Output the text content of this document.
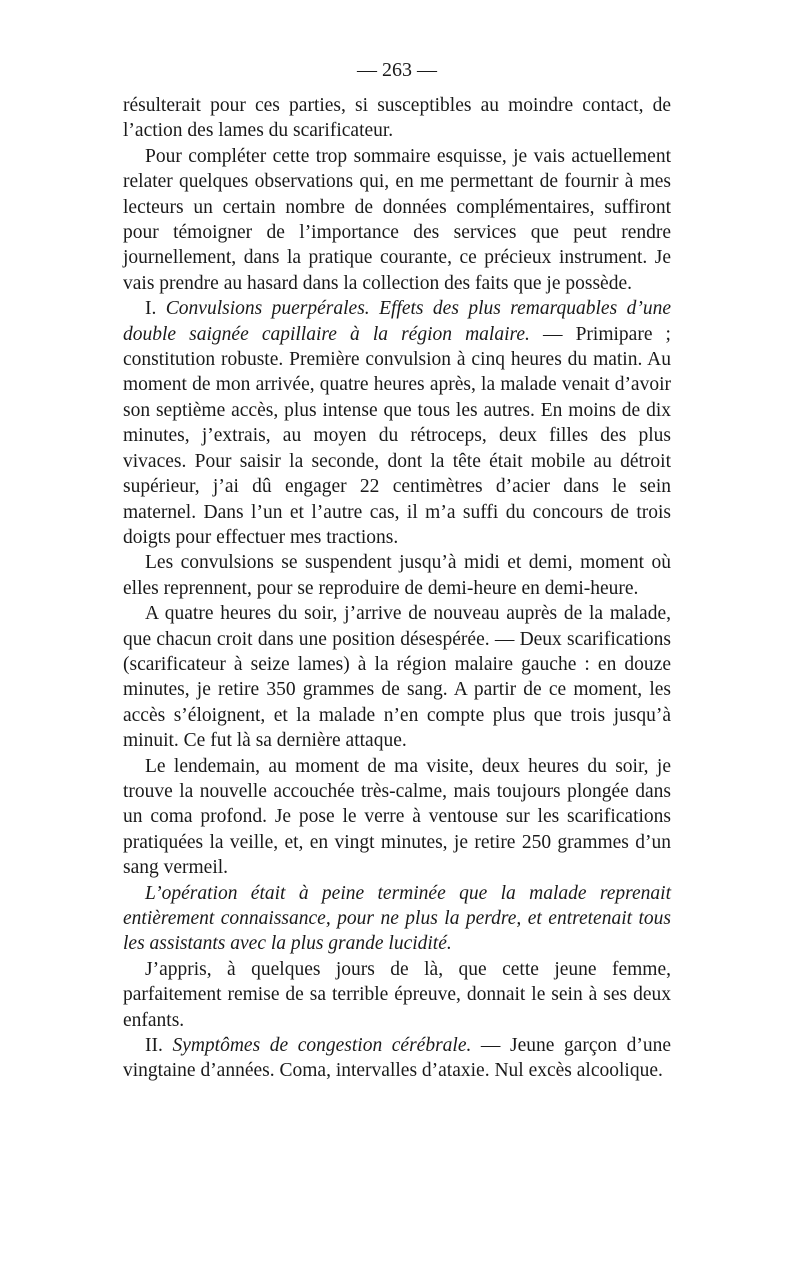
— 263 —

résulterait pour ces parties, si susceptibles au moindre contact, de l’action des lames du scarificateur.

Pour compléter cette trop sommaire esquisse, je vais actuellement relater quelques observations qui, en me permettant de fournir à mes lecteurs un certain nombre de données complémentaires, suffiront pour témoigner de l’importance des services que peut rendre journellement, dans la pratique courante, ce précieux instrument. Je vais prendre au hasard dans la collection des faits que je possède.

I. Convulsions puerpérales. Effets des plus remarquables d’une double saignée capillaire à la région malaire. — Primipare ; constitution robuste. Première convulsion à cinq heures du matin. Au moment de mon arrivée, quatre heures après, la malade venait d’avoir son septième accès, plus intense que tous les autres. En moins de dix minutes, j’extrais, au moyen du rétroceps, deux filles des plus vivaces. Pour saisir la seconde, dont la tête était mobile au détroit supérieur, j’ai dû engager 22 centimètres d’acier dans le sein maternel. Dans l’un et l’autre cas, il m’a suffi du concours de trois doigts pour effectuer mes tractions.

Les convulsions se suspendent jusqu’à midi et demi, moment où elles reprennent, pour se reproduire de demi-heure en demi-heure.

A quatre heures du soir, j’arrive de nouveau auprès de la malade, que chacun croit dans une position désespérée. — Deux scarifications (scarificateur à seize lames) à la région malaire gauche : en douze minutes, je retire 350 grammes de sang. A partir de ce moment, les accès s’éloignent, et la malade n’en compte plus que trois jusqu’à minuit. Ce fut là sa dernière attaque.

Le lendemain, au moment de ma visite, deux heures du soir, je trouve la nouvelle accouchée très-calme, mais toujours plongée dans un coma profond. Je pose le verre à ventouse sur les scarifications pratiquées la veille, et, en vingt minutes, je retire 250 grammes d’un sang vermeil.

L’opération était à peine terminée que la malade reprenait entièrement connaissance, pour ne plus la perdre, et entretenait tous les assistants avec la plus grande lucidité.

J’appris, à quelques jours de là, que cette jeune femme, parfaitement remise de sa terrible épreuve, donnait le sein à ses deux enfants.

II. Symptômes de congestion cérébrale. — Jeune garçon d’une vingtaine d’années. Coma, intervalles d’ataxie. Nul excès alcoolique.
